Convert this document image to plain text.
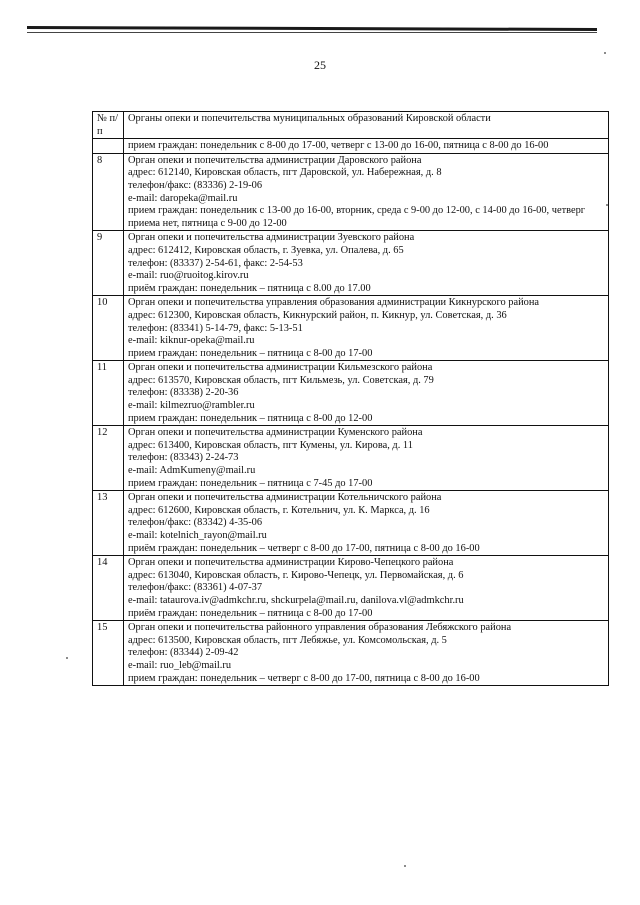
25
№ п/п	Органы опеки и попечительства муниципальных образований Кировской области

	прием граждан: понедельник с 8-00 до 17-00, четверг с 13-00 до 16-00, пятница с 8-00 до 16-00

8	Орган опеки и попечительства администрации Даровского района
адрес: 612140, Кировская область, пгт Даровской, ул. Набережная, д. 8
телефон/факс: (83336) 2-19-06
e-mail: daropeka@mail.ru
прием граждан: понедельник с 13-00 до 16-00, вторник, среда с 9-00 до 12-00, с 14-00 до 16-00, четверг приема нет, пятница с 9-00 до 12-00

9	Орган опеки и попечительства администрации Зуевского района
адрес: 612412, Кировская область, г. Зуевка, ул. Опалева, д. 65
телефон: (83337) 2-54-61, факс: 2-54-53
e-mail: ruo@ruoitog.kirov.ru
приём граждан: понедельник – пятница с 8.00 до 17.00

10	Орган опеки и попечительства управления образования администрации Кикнурского района
адрес: 612300, Кировская область, Кикнурский район, п. Кикнур, ул. Советская, д. 36
телефон: (83341) 5-14-79, факс: 5-13-51
e-mail: kiknur-opeka@mail.ru
прием граждан: понедельник – пятница с 8-00 до 17-00

11	Орган опеки и попечительства администрации Кильмезского района
адрес: 613570, Кировская область, пгт Кильмезь, ул. Советская, д. 79
телефон: (83338) 2-20-36
e-mail: kilmezruo@rambler.ru
прием граждан: понедельник – пятница с 8-00 до 12-00

12	Орган опеки и попечительства администрации Куменского района
адрес: 613400, Кировская область, пгт Кумены, ул. Кирова, д. 11
телефон: (83343) 2-24-73
e-mail: AdmKumeny@mail.ru
прием граждан: понедельник – пятница с 7-45 до 17-00

13	Орган опеки и попечительства администрации Котельничского района
адрес: 612600, Кировская область, г. Котельнич, ул. К. Маркса, д. 16
телефон/факс: (83342) 4-35-06
e-mail: kotelnich_rayon@mail.ru
приём граждан: понедельник – четверг с 8-00 до 17-00, пятница с 8-00 до 16-00

14	Орган опеки и попечительства администрации Кирово-Чепецкого района
адрес: 613040, Кировская область, г. Кирово-Чепецк, ул. Первомайская, д. 6
телефон/факс: (83361) 4-07-37
e-mail: tataurova.iv@admkchr.ru, shckurpela@mail.ru, danilova.vl@admkchr.ru
приём граждан: понедельник – пятница с 8-00 до 17-00

15	Орган опеки и попечительства районного управления образования Лебяжского района
адрес: 613500, Кировская область, пгт Лебяжье, ул. Комсомольская, д. 5
телефон: (83344) 2-09-42
e-mail: ruo_leb@mail.ru
прием граждан: понедельник – четверг с 8-00 до 17-00, пятница с 8-00 до 16-00
